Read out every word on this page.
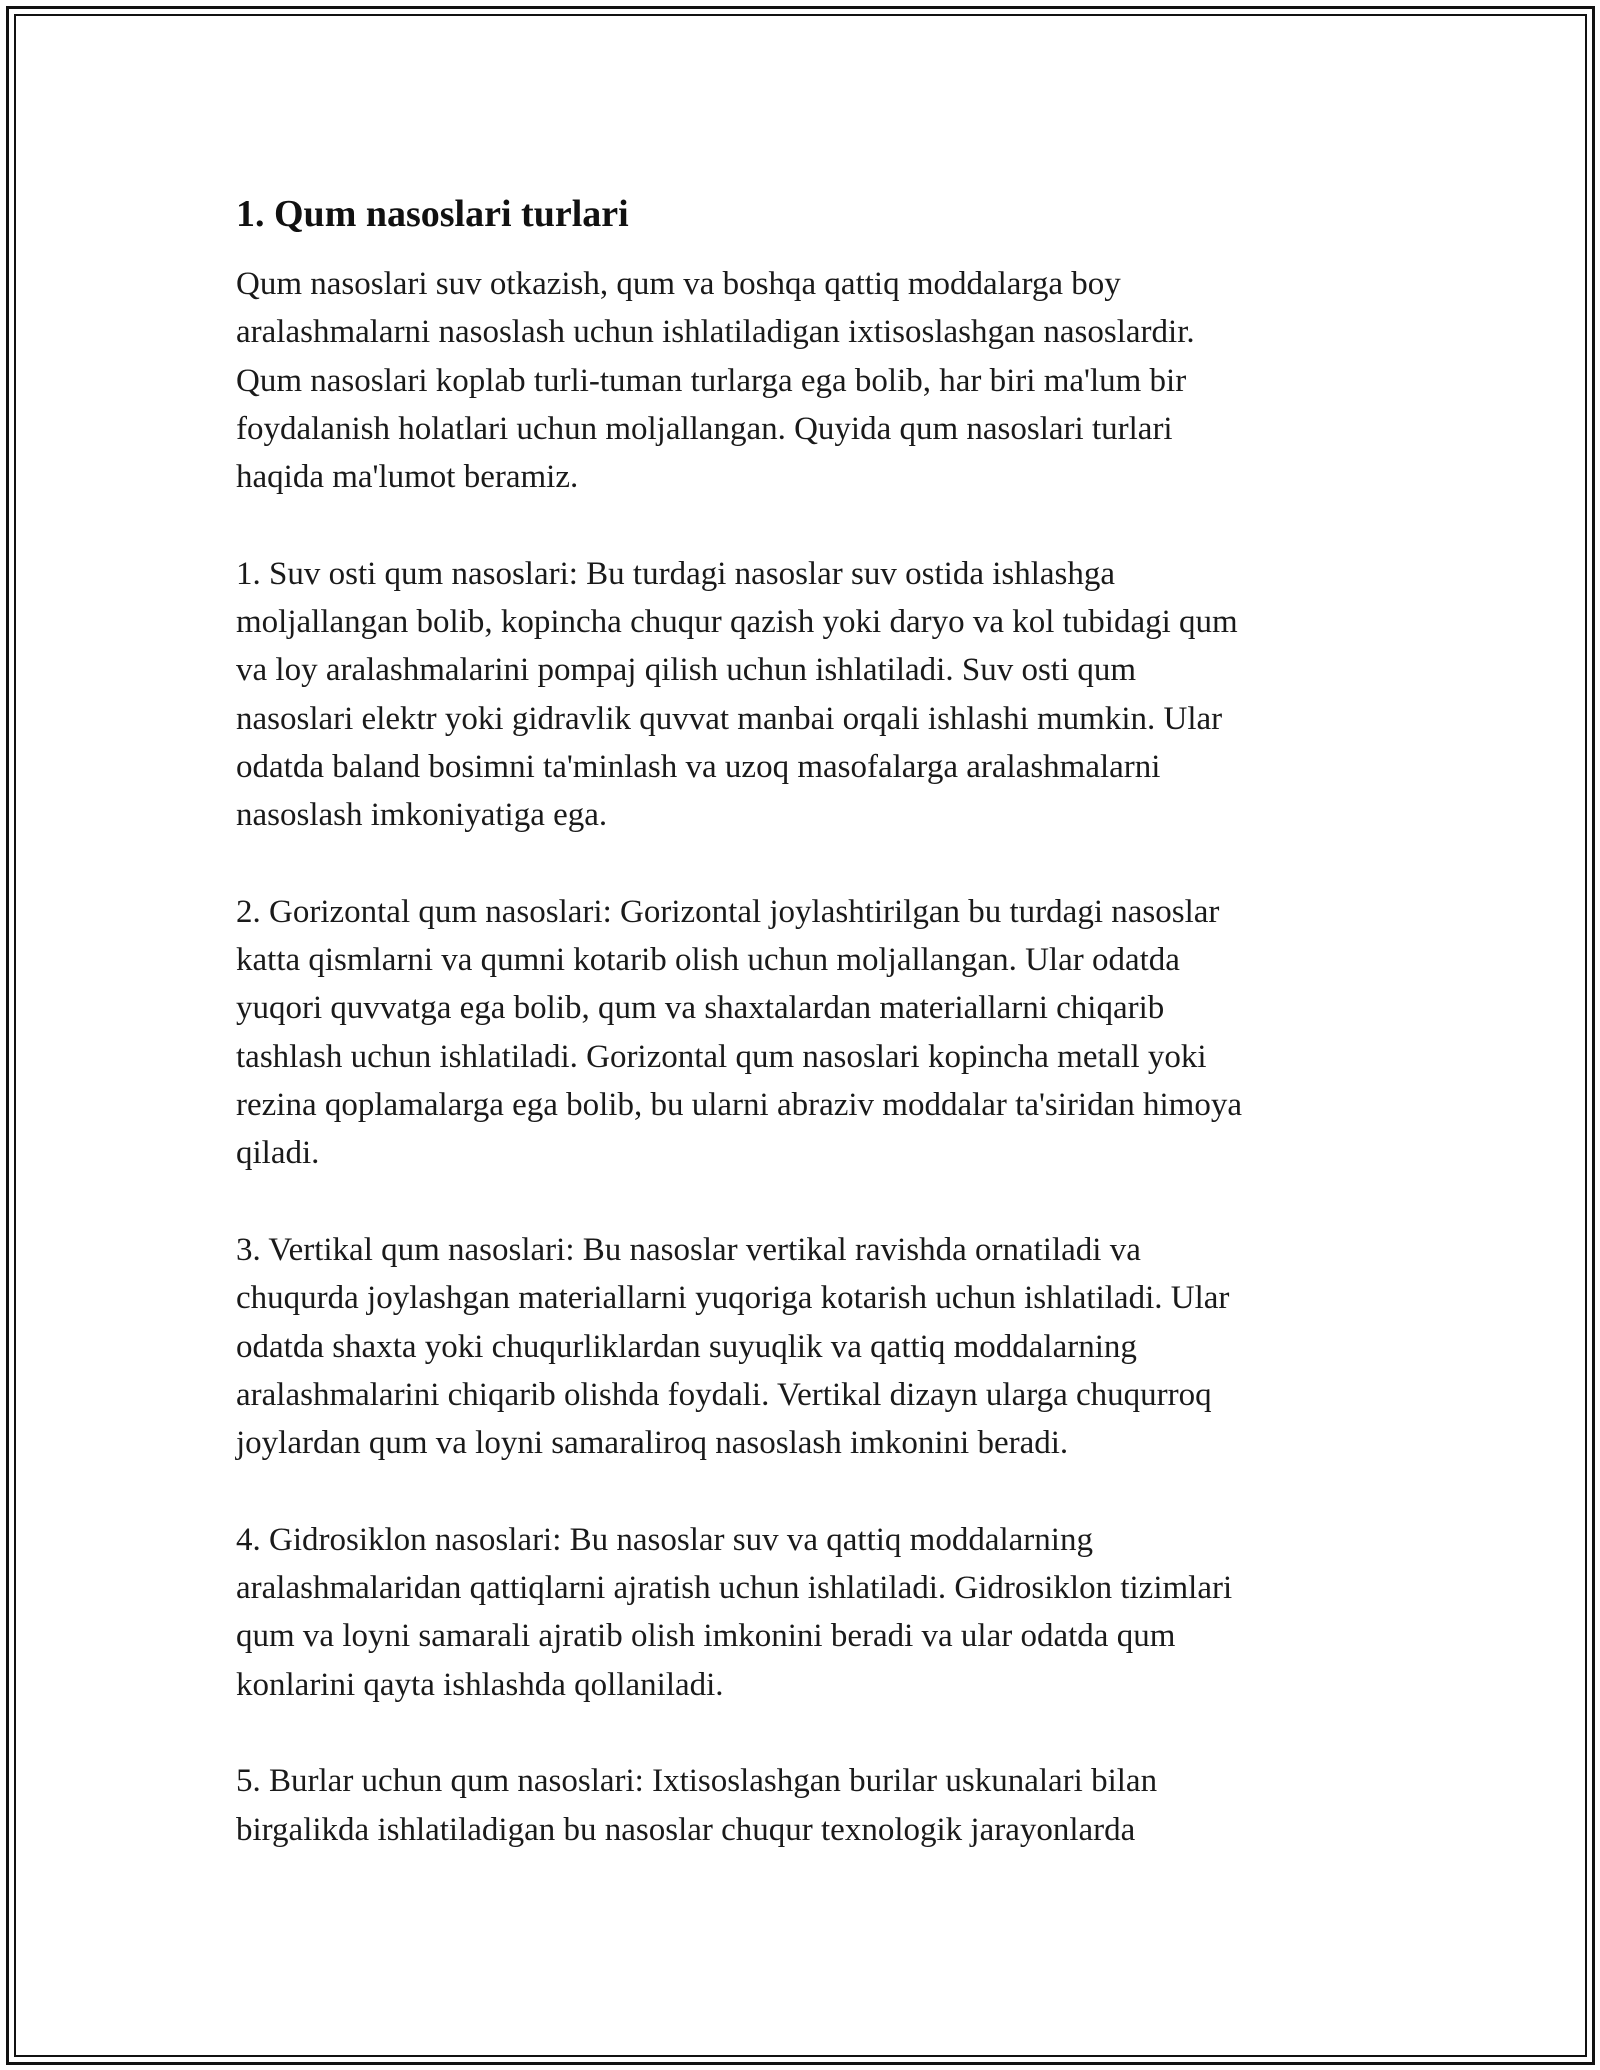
1. Qum nasoslari turlari

Qum nasoslari suv otkazish, qum va boshqa qattiq moddalarga boy
aralashmalarni nasoslash uchun ishlatiladigan ixtisoslashgan nasoslardir.
Qum nasoslari koplab turli-tuman turlarga ega bolib, har biri ma'lum bir
foydalanish holatlari uchun moljallangan. Quyida qum nasoslari turlari
haqida ma'lumot beramiz.

1. Suv osti qum nasoslari: Bu turdagi nasoslar suv ostida ishlashga
moljallangan bolib, kopincha chuqur qazish yoki daryo va kol tubidagi qum
va loy aralashmalarini pompaj qilish uchun ishlatiladi. Suv osti qum
nasoslari elektr yoki gidravlik quvvat manbai orqali ishlashi mumkin. Ular
odatda baland bosimni ta'minlash va uzoq masofalarga aralashmalarni
nasoslash imkoniyatiga ega.

2. Gorizontal qum nasoslari: Gorizontal joylashtirilgan bu turdagi nasoslar
katta qismlarni va qumni kotarib olish uchun moljallangan. Ular odatda
yuqori quvvatga ega bolib, qum va shaxtalardan materiallarni chiqarib
tashlash uchun ishlatiladi. Gorizontal qum nasoslari kopincha metall yoki
rezina qoplamalarga ega bolib, bu ularni abraziv moddalar ta'siridan himoya
qiladi.

3. Vertikal qum nasoslari: Bu nasoslar vertikal ravishda ornatiladi va
chuqurda joylashgan materiallarni yuqoriga kotarish uchun ishlatiladi. Ular
odatda shaxta yoki chuqurliklardan suyuqlik va qattiq moddalarning
aralashmalarini chiqarib olishda foydali. Vertikal dizayn ularga chuqurroq
joylardan qum va loyni samaraliroq nasoslash imkonini beradi.

4. Gidrosiklon nasoslari: Bu nasoslar suv va qattiq moddalarning
aralashmalaridan qattiqlarni ajratish uchun ishlatiladi. Gidrosiklon tizimlari
qum va loyni samarali ajratib olish imkonini beradi va ular odatda qum
konlarini qayta ishlashda qollaniladi.

5. Burlar uchun qum nasoslari: Ixtisoslashgan burilar uskunalari bilan
birgalikda ishlatiladigan bu nasoslar chuqur texnologik jarayonlarda
